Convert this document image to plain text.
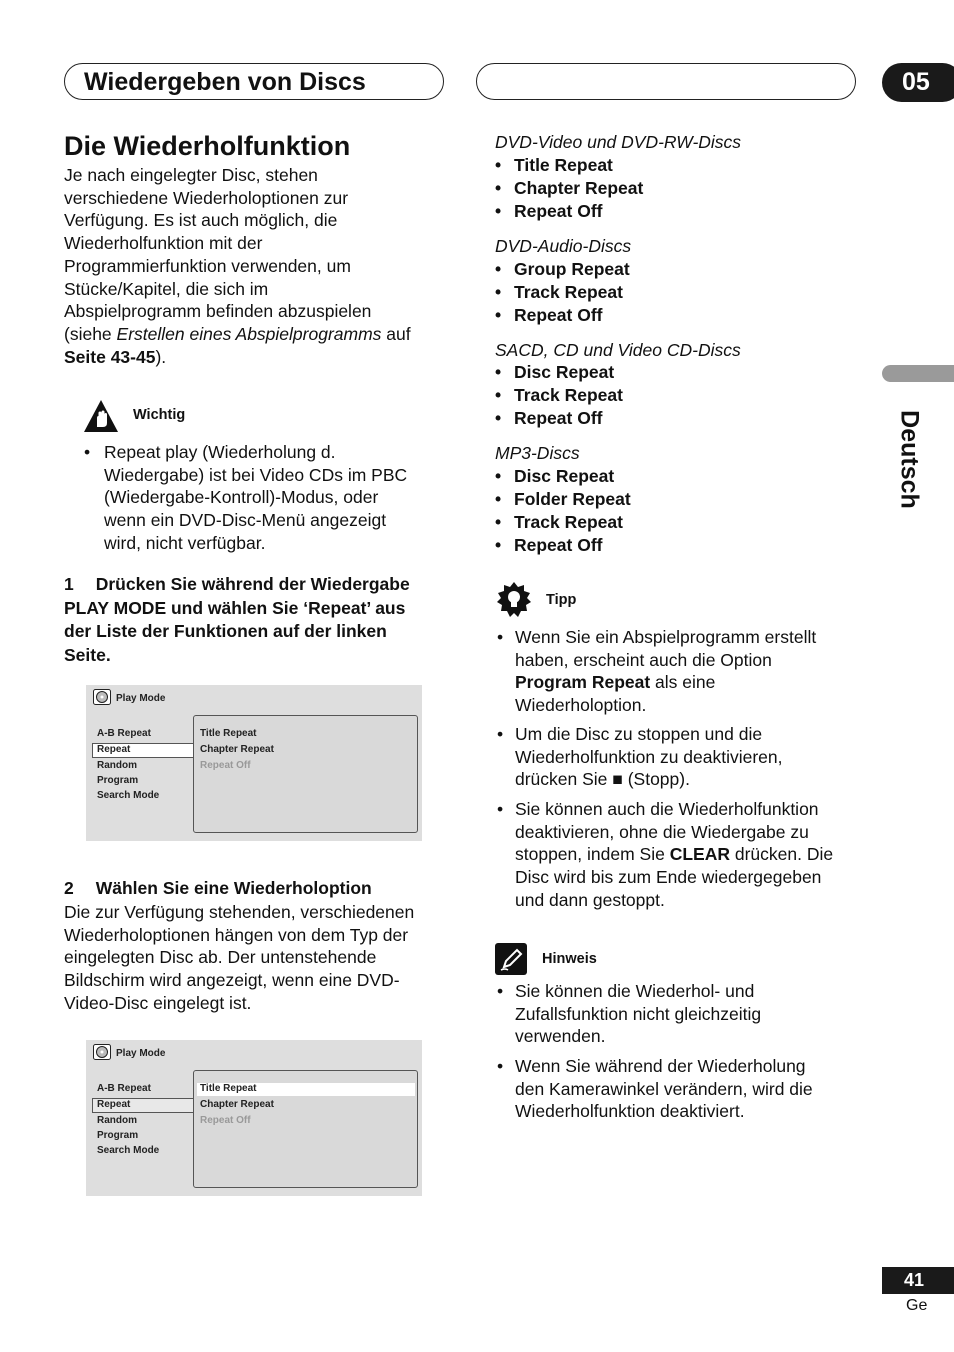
Wiedergeben von Discs	05
Deutsch
Die Wiederholfunktion
Je nach eingelegter Disc, stehen
verschiedene Wiederholoptionen zur
Verfügung. Es ist auch möglich, die
Wiederholfunktion mit der
Programmierfunktion verwenden, um
Stücke/Kapitel, die sich im
Abspielprogramm befinden abzuspielen
(siehe Erstellen eines Abspielprogramms auf
Seite 43-45).
Wichtig
• Repeat play (Wiederholung d.
Wiedergabe) ist bei Video CDs im PBC
(Wiedergabe-Kontroll)-Modus, oder
wenn ein DVD-Disc-Menü angezeigt
wird, nicht verfügbar.
1 Drücken Sie während der Wiedergabe
PLAY MODE und wählen Sie ‘Repeat’ aus
der Liste der Funktionen auf der linken
Seite.
Play Mode
A-B Repeat
Repeat
Random
Program
Search Mode
Title Repeat
Chapter Repeat
Repeat Off
2 Wählen Sie eine Wiederholoption
Die zur Verfügung stehenden, verschiedenen
Wiederholoptionen hängen von dem Typ der
eingelegten Disc ab. Der untenstehende
Bildschirm wird angezeigt, wenn eine DVD-
Video-Disc eingelegt ist.
Play Mode
A-B Repeat
Repeat
Random
Program
Search Mode
Title Repeat
Chapter Repeat
Repeat Off
DVD-Video und DVD-RW-Discs
• Title Repeat
• Chapter Repeat
• Repeat Off
DVD-Audio-Discs
• Group Repeat
• Track Repeat
• Repeat Off
SACD, CD und Video CD-Discs
• Disc Repeat
• Track Repeat
• Repeat Off
MP3-Discs
• Disc Repeat
• Folder Repeat
• Track Repeat
• Repeat Off
Tipp
• Wenn Sie ein Abspielprogramm erstellt
haben, erscheint auch die Option
Program Repeat als eine
Wiederholoption.
• Um die Disc zu stoppen und die
Wiederholfunktion zu deaktivieren,
drücken Sie ■ (Stopp).
• Sie können auch die Wiederholfunktion
deaktivieren, ohne die Wiedergabe zu
stoppen, indem Sie CLEAR drücken. Die
Disc wird bis zum Ende wiedergegeben
und dann gestoppt.
Hinweis
• Sie können die Wiederhol- und
Zufallsfunktion nicht gleichzeitig
verwenden.
• Wenn Sie während der Wiederholung
den Kamerawinkel verändern, wird die
Wiederholfunktion deaktiviert.
41
Ge
